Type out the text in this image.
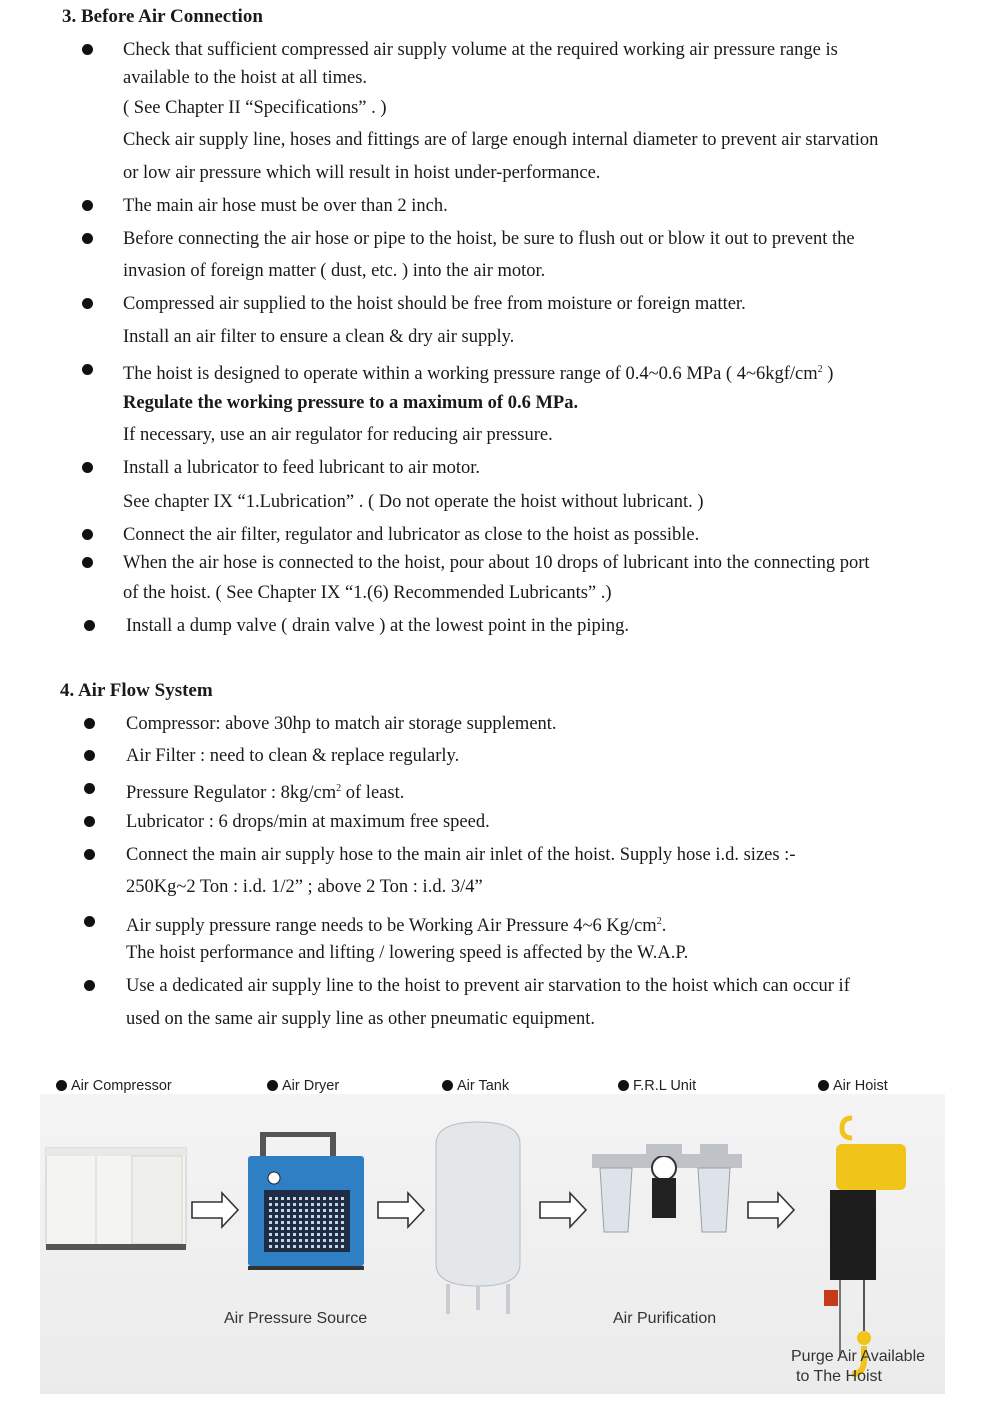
3. Before Air Connection
Check that sufficient compressed air supply volume at the required working air pressure range is
available to the hoist at all times.
( See Chapter II “Specifications” . )
Check air supply line, hoses and fittings are of large enough internal diameter to prevent air starvation
or low air pressure which will result in hoist under-performance.
The main air hose must be over than 2 inch.
Before connecting the air hose or pipe to the hoist, be sure to flush out or blow it out to prevent the
invasion of foreign matter ( dust, etc. ) into the air motor.
Compressed air supplied to the hoist should be free from moisture or foreign matter.
Install an air filter to ensure a clean & dry air supply.
The hoist is designed to operate within a working pressure range of 0.4~0.6 MPa ( $4\sim 6kgf/cm^2$ )
Regulate the working pressure to a maximum of 0.6 MPa.
If necessary, use an air regulator for reducing air pressure.
Install a lubricator to feed lubricant to air motor.
See chapter IX “1.Lubrication” . ( Do not operate the hoist without lubricant. )
Connect the air filter, regulator and lubricator as close to the hoist as possible.
When the air hose is connected to the hoist, pour about 10 drops of lubricant into the connecting port
of the hoist. ( See Chapter IX “1.(6) Recommended Lubricants” .)
Install a dump valve ( drain valve ) at the lowest point in the piping.
4. Air Flow System
Compressor: above 30hp to match air storage supplement.
Air Filter : need to clean & replace regularly.
Pressure Regulator : $8kg/cm^2$ of least.
Lubricator : 6 drops/min at maximum free speed.
Connect the main air supply hose to the main air inlet of the hoist. Supply hose i.d. sizes :-
250Kg~2 Ton : i.d. 1/2” ; above 2 Ton : i.d. 3/4”
Air supply pressure range needs to be Working Air Pressure 4~6 $Kg/cm^2$.
The hoist performance and lifting / lowering speed is affected by the W.A.P.
Use a dedicated air supply line to the hoist to prevent air starvation to the hoist which can occur if
used on the same air supply line as other pneumatic equipment.
Air Compressor	Air Dryer	Air Tank	F.R.L Unit	Air Hoist
Air Pressure Source	Air Purification
Purge Air Available
to The Hoist
